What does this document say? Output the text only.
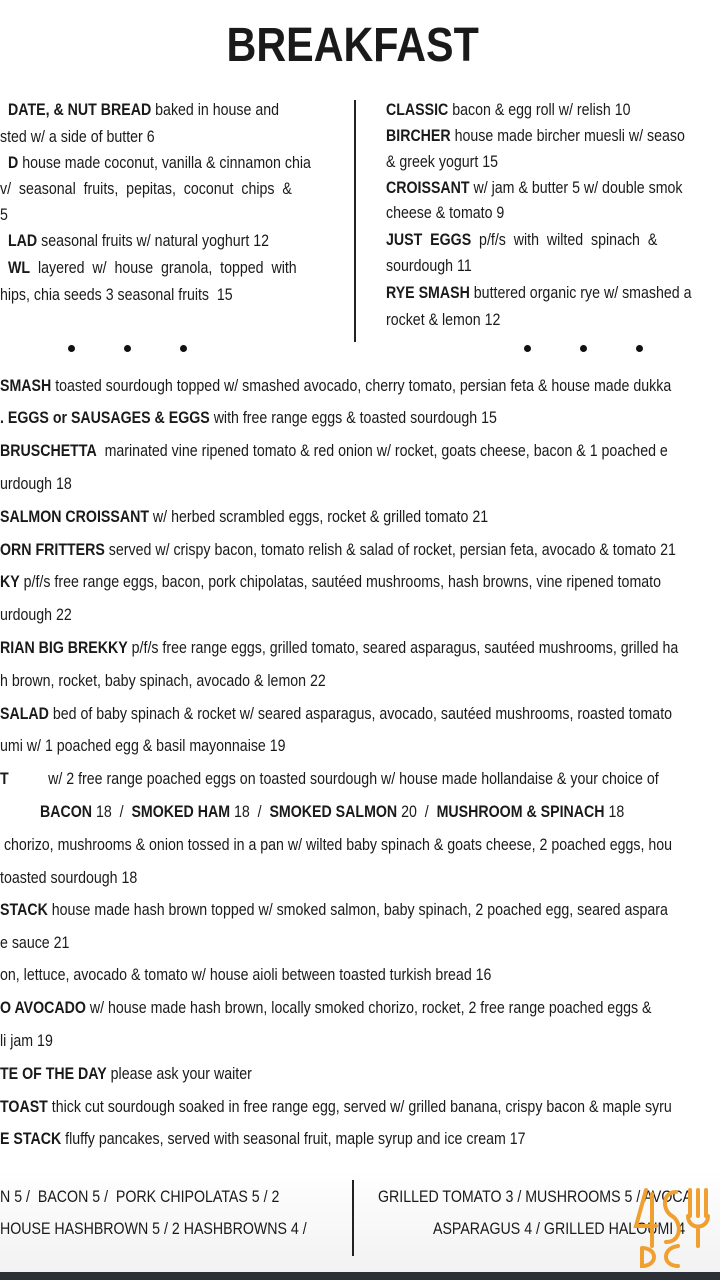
BREAKFAST
DATE, & NUT BREAD baked in house and
sted w/ a side of butter 6
D house made coconut, vanilla & cinnamon chia
v/  seasonal  fruits,  pepitas,  coconut  chips  &
5
LAD seasonal fruits w/ natural yoghurt 12
WL  layered  w/  house  granola,  topped  with
hips, chia seeds 3 seasonal fruits  15
CLASSIC bacon & egg roll w/ relish 10
BIRCHER house made bircher muesli w/ seaso
& greek yogurt 15
CROISSANT w/ jam & butter 5 w/ double smok
cheese & tomato 9
JUST  EGGS  p/f/s  with  wilted  spinach  &
sourdough 11
RYE SMASH buttered organic rye w/ smashed a
rocket & lemon 12
SMASH toasted sourdough topped w/ smashed avocado, cherry tomato, persian feta & house made dukka
. EGGS or SAUSAGES & EGGS with free range eggs & toasted sourdough 15
BRUSCHETTA  marinated vine ripened tomato & red onion w/ rocket, goats cheese, bacon & 1 poached e
urdough 18
SALMON CROISSANT w/ herbed scrambled eggs, rocket & grilled tomato 21
ORN FRITTERS served w/ crispy bacon, tomato relish & salad of rocket, persian feta, avocado & tomato 21
KY p/f/s free range eggs, bacon, pork chipolatas, sautéed mushrooms, hash browns, vine ripened tomato
urdough 22
RIAN BIG BREKKY p/f/s free range eggs, grilled tomato, seared asparagus, sautéed mushrooms, grilled ha
h brown, rocket, baby spinach, avocado & lemon 22
SALAD bed of baby spinach & rocket w/ seared asparagus, avocado, sautéed mushrooms, roasted tomato
umi w/ 1 poached egg & basil mayonnaise 19
T          w/ 2 free range poached eggs on toasted sourdough w/ house made hollandaise & your choice of
BACON 18  /  SMOKED HAM 18  /  SMOKED SALMON 20  /  MUSHROOM & SPINACH 18
chorizo, mushrooms & onion tossed in a pan w/ wilted baby spinach & goats cheese, 2 poached eggs, hou
toasted sourdough 18
STACK house made hash brown topped w/ smoked salmon, baby spinach, 2 poached egg, seared aspara
e sauce 21
on, lettuce, avocado & tomato w/ house aioli between toasted turkish bread 16
O AVOCADO w/ house made hash brown, locally smoked chorizo, rocket, 2 free range poached eggs &
li jam 19
TE OF THE DAY please ask your waiter
TOAST thick cut sourdough soaked in free range egg, served w/ grilled banana, crispy bacon & maple syru
E STACK fluffy pancakes, served with seasonal fruit, maple syrup and ice cream 17
N 5 /  BACON 5 /  PORK CHIPOLATAS 5 / 2
HOUSE HASHBROWN 5 / 2 HASHBROWNS 4 /
GRILLED TOMATO 3 / MUSHROOMS 5 / AVOCA
ASPARAGUS 4 / GRILLED HALOUMI 4
